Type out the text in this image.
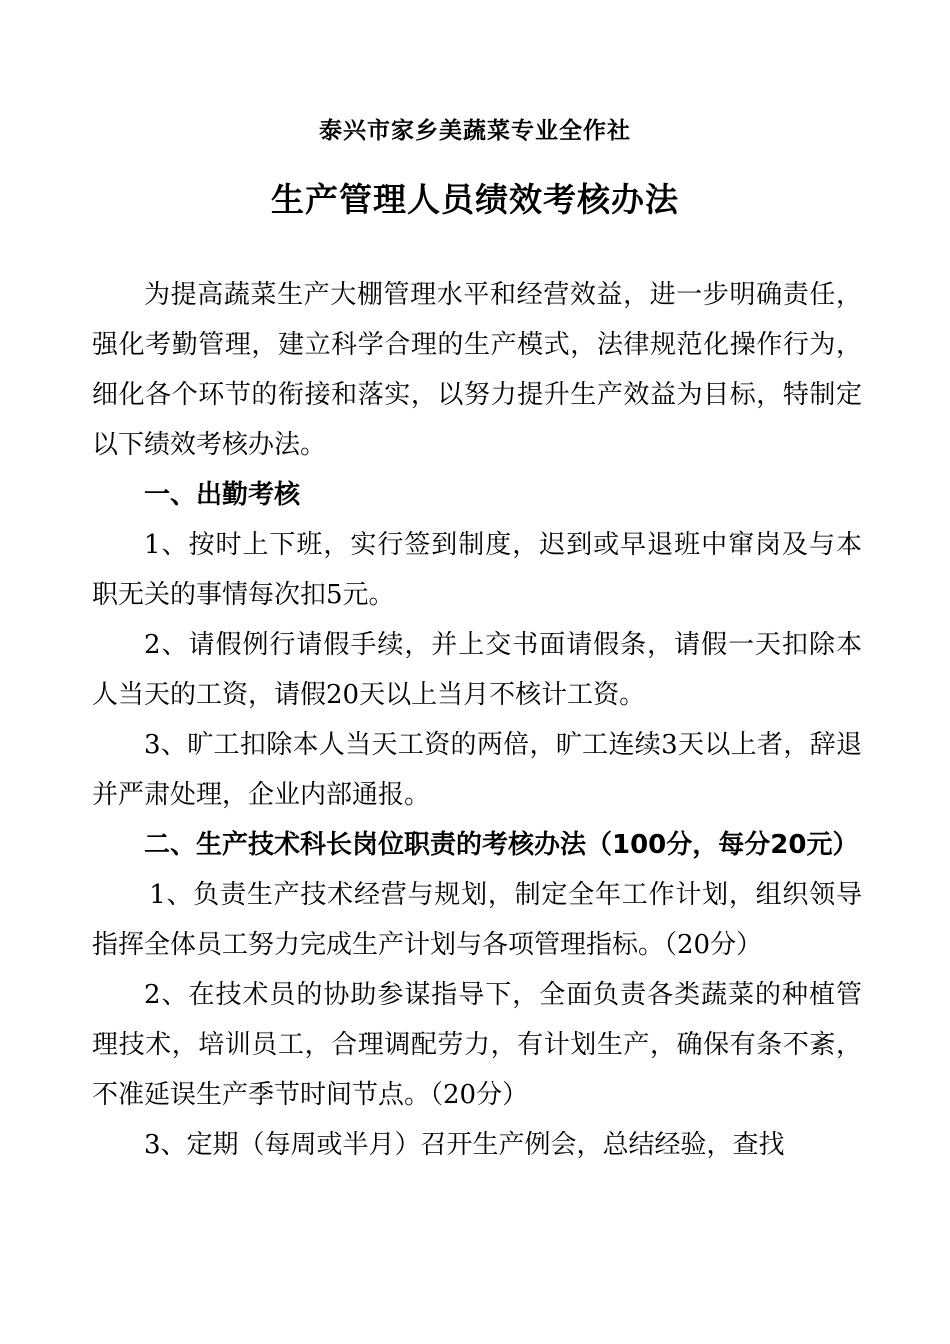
泰兴市家乡美蔬菜专业全作社
生产管理人员绩效考核办法

为提高蔬菜生产大棚管理水平和经营效益，进一步明确责任，强化考勤管理，建立科学合理的生产模式，法律规范化操作行为，细化各个环节的衔接和落实，以努力提升生产效益为目标，特制定以下绩效考核办法。

一、出勤考核

1、按时上下班，实行签到制度，迟到或早退班中窜岗及与本职无关的事情每次扣5元。

2、请假例行请假手续，并上交书面请假条，请假一天扣除本人当天的工资，请假20天以上当月不核计工资。

3、旷工扣除本人当天工资的两倍，旷工连续3天以上者，辞退并严肃处理，企业内部通报。

二、生产技术科长岗位职责的考核办法（100分，每分20元）

1、负责生产技术经营与规划，制定全年工作计划，组织领导指挥全体员工努力完成生产计划与各项管理指标。（20分）

2、在技术员的协助参谋指导下，全面负责各类蔬菜的种植管理技术，培训员工，合理调配劳力，有计划生产，确保有条不紊，不准延误生产季节时间节点。（20分）

3、定期（每周或半月）召开生产例会，总结经验，查找
